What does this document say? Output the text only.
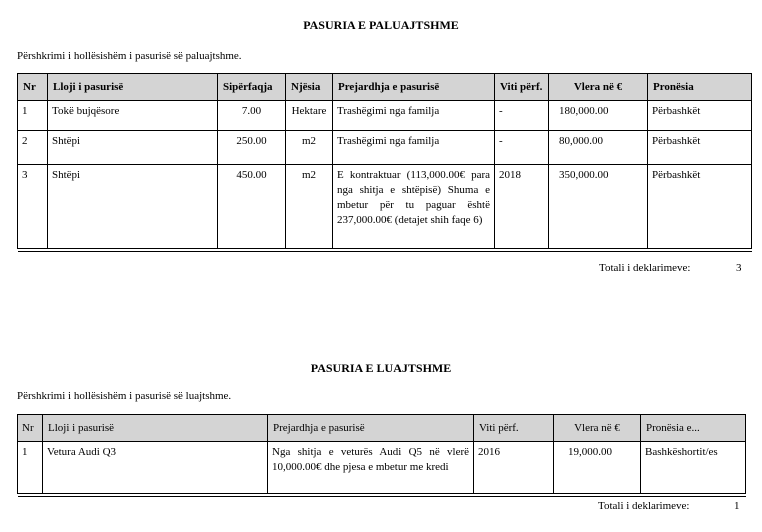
PASURIA E PALUAJTSHME
Përshkrimi i hollësishëm i pasurisë së paluajtshme.
Nr	Lloji i pasurisë	Sipërfaqja	Njësia	Prejardhja e pasurisë	Viti përf.	Vlera në €	Pronësia
1	Tokë bujqësore	7.00	Hektare	Trashëgimi nga familja	-	180,000.00	Përbashkët
2	Shtëpi	250.00	m2	Trashëgimi nga familja	-	80,000.00	Përbashkët
3	Shtëpi	450.00	m2	E kontraktuar (113,000.00€ para nga shitja e shtëpisë) Shuma e mbetur për tu paguar është 237,000.00€ (detajet shih faqe 6)	2018	350,000.00	Përbashkët

Totali i deklarimeve:	3
PASURIA E LUAJTSHME
Përshkrimi i hollësishëm i pasurisë së luajtshme.
Nr	Lloji i pasurisë	Prejardhja e pasurisë	Viti përf.	Vlera në €	Pronësia e...
1	Vetura Audi Q3	Nga shitja e veturës Audi Q5 në vlerë 10,000.00€ dhe pjesa e mbetur me kredi	2016	19,000.00	Bashkëshortit/es

Totali i deklarimeve:	1
